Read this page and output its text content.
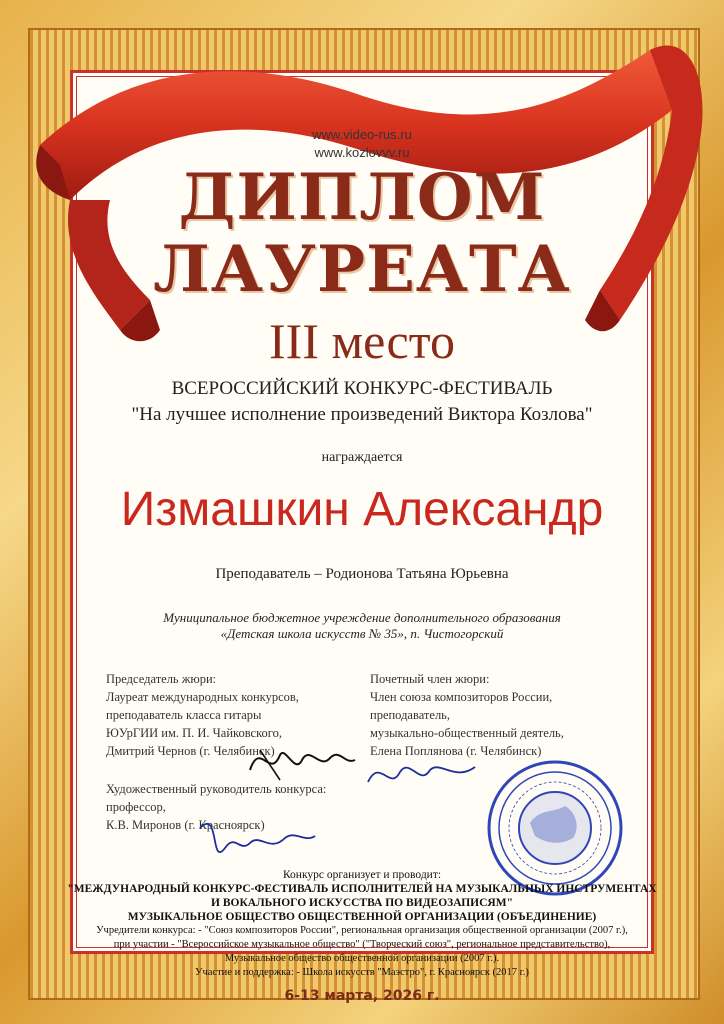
www.video-rus.ru
www.kozlovvv.ru
ДИПЛОМ
ЛАУРЕАТА
III место
ВСЕРОССИЙСКИЙ КОНКУРС-ФЕСТИВАЛЬ
"На лучшее исполнение произведений Виктора Козлова"
награждается
Измашкин Александр
Преподаватель – Родионова Татьяна Юрьевна
Муниципальное бюджетное учреждение дополнительного образования
«Детская школа искусств № 35», п. Чистогорский
Председатель жюри:
Лауреат международных конкурсов,
преподаватель класса гитары
ЮУрГИИ им. П. И. Чайковского,
Дмитрий Чернов (г. Челябинск)
Почетный член жюри:
Член союза композиторов России,
преподаватель,
музыкально-общественный деятель,
Елена Поплянова (г. Челябинск)
Художественный руководитель конкурса:
профессор,
К.В. Миронов (г. Красноярск)
Конкурс организует и проводит:
"МЕЖДУНАРОДНЫЙ КОНКУРС-ФЕСТИВАЛЬ ИСПОЛНИТЕЛЕЙ НА МУЗЫКАЛЬНЫХ ИНСТРУМЕНТАХ
И ВОКАЛЬНОГО ИСКУССТВА ПО ВИДЕОЗАПИСЯМ"
МУЗЫКАЛЬНОЕ ОБЩЕСТВО ОБЩЕСТВЕННОЙ ОРГАНИЗАЦИИ (ОБЪЕДИНЕНИЕ)
Учредители конкурса: - "Союз композиторов России", региональная организация общественной организации (2007 г.),
при участии - "Всероссийское музыкальное общество" ("Творческий союз", региональное представительство),
Музыкальное общество общественной организации (2007 г.).
Участие и поддержка: - Школа искусств "Маэстро", г. Красноярск (2017 г.)
6-13 марта, 2026 г.
